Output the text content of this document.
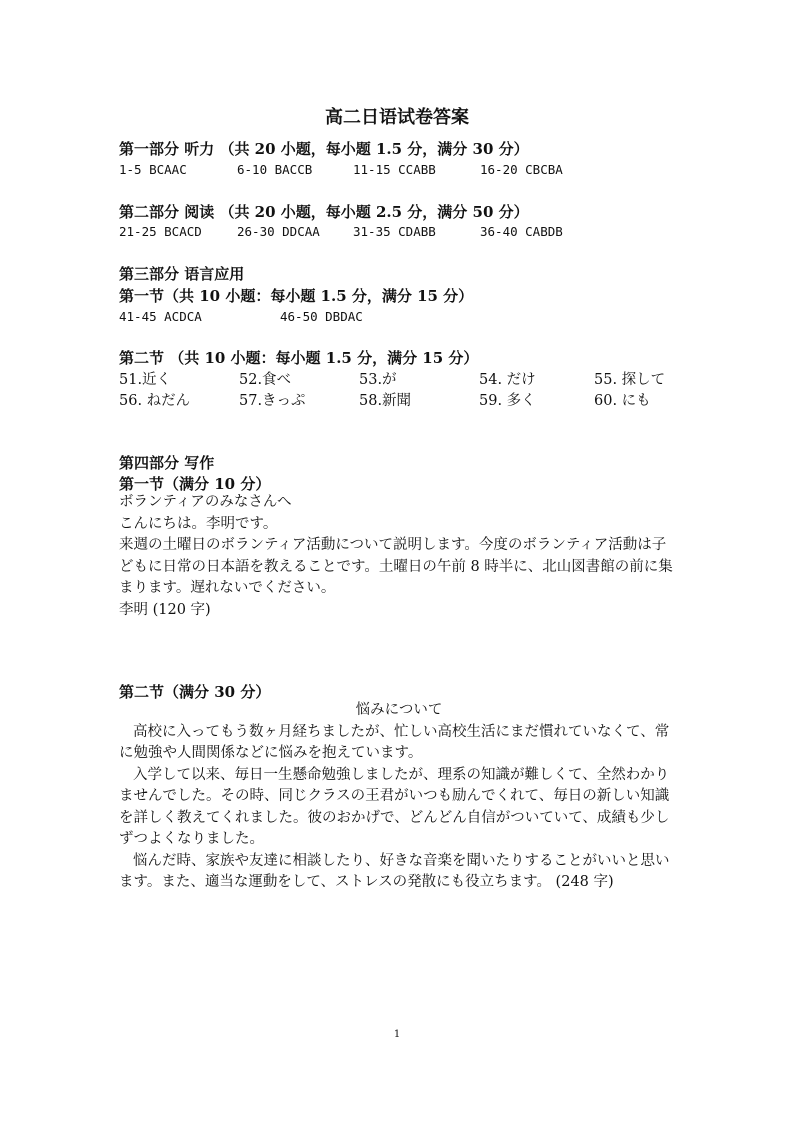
高二日语试卷答案
第一部分 听力 （共 20 小题，每小题 1.5 分，满分 30 分）
1-5 BCAAC	6-10 BACCB	11-15 CCABB	16-20 CBCBA
第二部分 阅读 （共 20 小题，每小题 2.5 分，满分 50 分）
21-25 BCACD	26-30 DDCAA	31-35 CDABB	36-40 CABDB
第三部分 语言应用
第一节（共 10 小题：每小题 1.5 分，满分 15 分）
41-45 ACDCA	46-50 DBDAC
第二节 （共 10 小题：每小题 1.5 分，满分 15 分）
51.近く	52.食べ	53.が	54. だけ	55. 探して
56. ねだん	57.きっぷ	58.新聞	59. 多く	60. にも
第四部分 写作
第一节（满分 10 分）

ボランティアのみなさんへ

こんにちは。李明です。

来週の土曜日のボランティア活動について説明します。今度のボランティア活動は子どもに日常の日本語を教えることです。土曜日の午前 8 時半に、北山図書館の前に集まります。遅れないでください。

李明 (120 字)

第二节（满分 30 分）

悩みについて

高校に入ってもう数ヶ月経ちましたが、忙しい高校生活にまだ慣れていなくて、常に勉強や人間関係などに悩みを抱えています。

入学して以来、毎日一生懸命勉強しましたが、理系の知識が難しくて、全然わかりませんでした。その時、同じクラスの王君がいつも励んでくれて、毎日の新しい知識を詳しく教えてくれました。彼のおかげで、どんどん自信がついていて、成績も少しずつよくなりました。

悩んだ時、家族や友達に相談したり、好きな音楽を聞いたりすることがいいと思います。また、適当な運動をして、ストレスの発散にも役立ちます。 (248 字)

1
